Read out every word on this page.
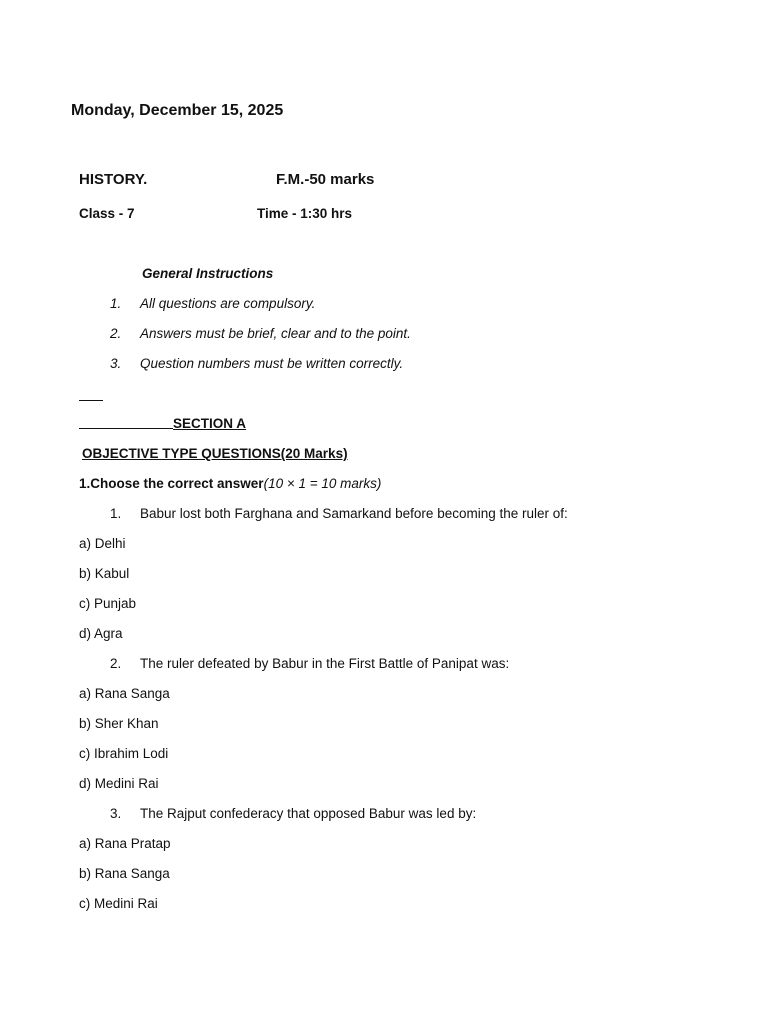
Monday, December 15, 2025
HISTORY.	F.M.-50 marks
Class - 7	Time - 1:30 hrs
General Instructions
1. All questions are compulsory.
2. Answers must be brief, clear and to the point.
3. Question numbers must be written correctly.
SECTION A
OBJECTIVE TYPE QUESTIONS(20 Marks)
1.Choose the correct answer(10 × 1 = 10 marks)
1. Babur lost both Farghana and Samarkand before becoming the ruler of:
a) Delhi
b) Kabul
c) Punjab
d) Agra
2. The ruler defeated by Babur in the First Battle of Panipat was:
a) Rana Sanga
b) Sher Khan
c) Ibrahim Lodi
d) Medini Rai
3. The Rajput confederacy that opposed Babur was led by:
a) Rana Pratap
b) Rana Sanga
c) Medini Rai
